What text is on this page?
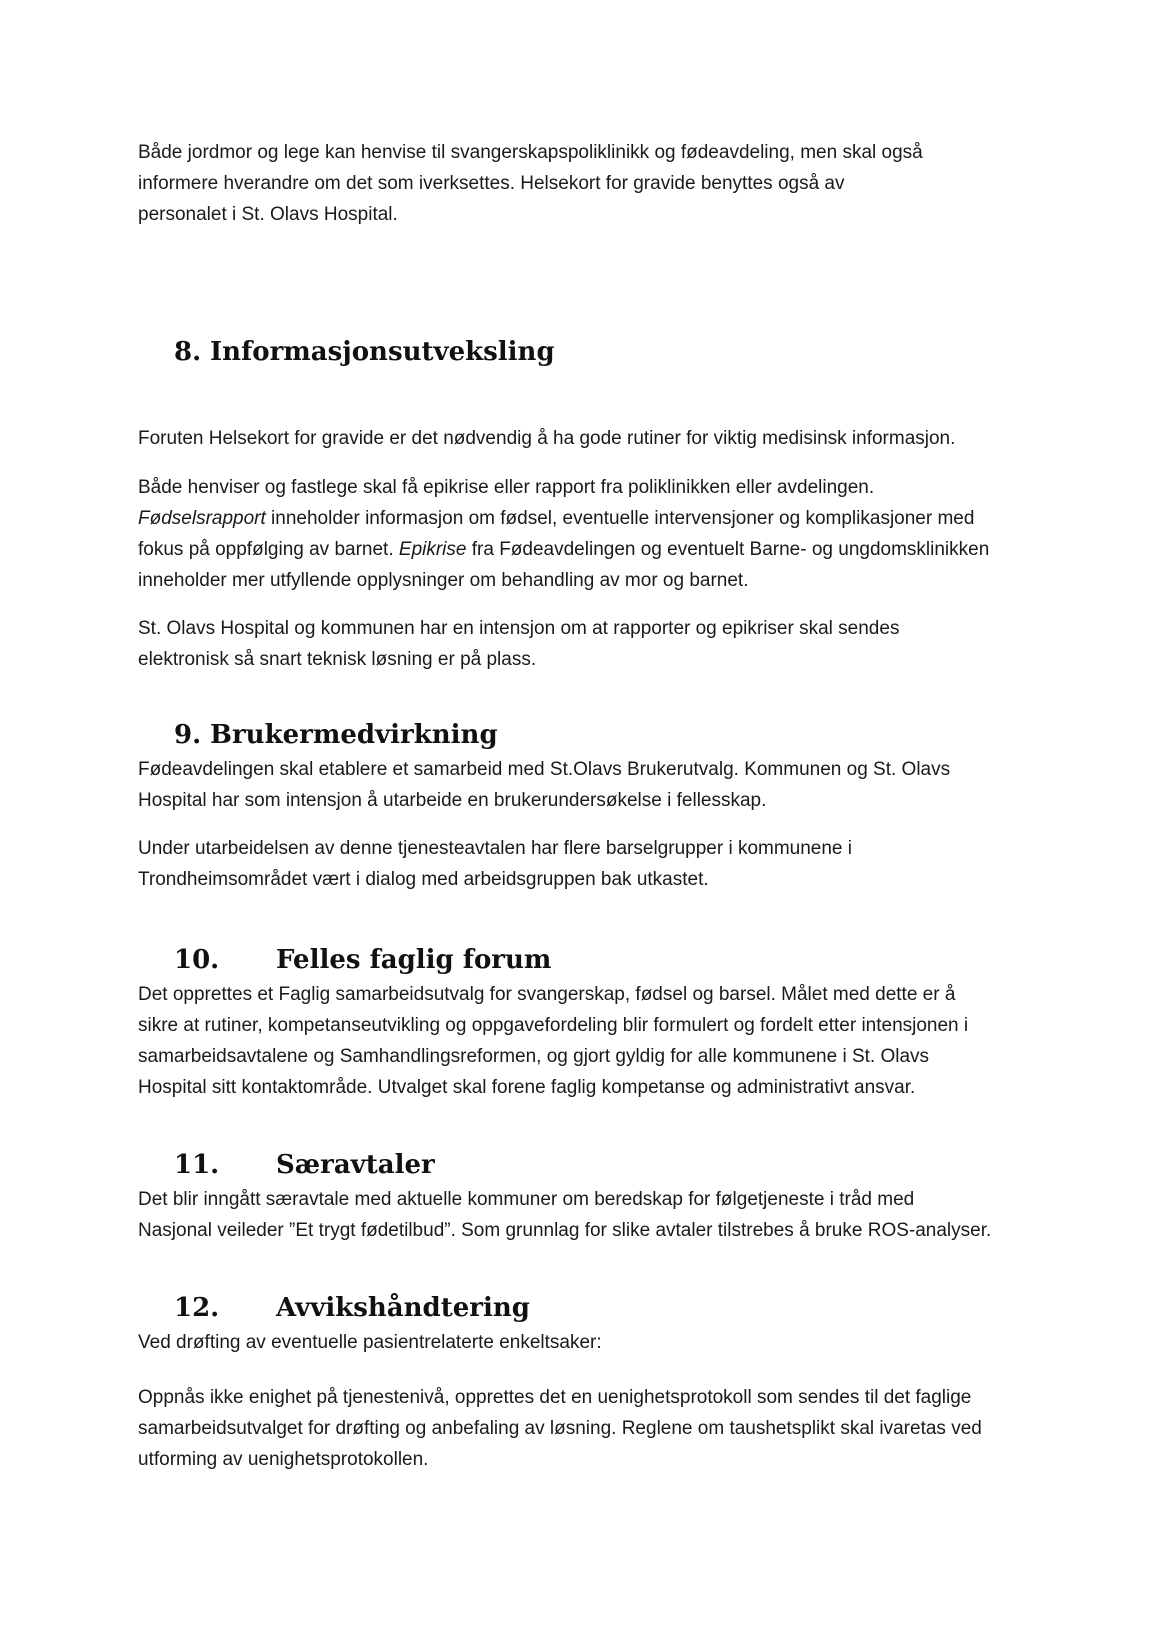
Både jordmor og lege kan henvise til svangerskapspoliklinikk og fødeavdeling, men skal også
informere hverandre om det som iverksettes. Helsekort for gravide benyttes også av
personalet i St. Olavs Hospital.

8. Informasjonsutveksling

Foruten Helsekort for gravide er det nødvendig å ha gode rutiner for viktig medisinsk informasjon.

Både henviser og fastlege skal få epikrise eller rapport fra poliklinikken eller avdelingen.
Fødselsrapport inneholder informasjon om fødsel, eventuelle intervensjoner og komplikasjoner med
fokus på oppfølging av barnet. Epikrise fra Fødeavdelingen og eventuelt Barne- og ungdomsklinikken
inneholder mer utfyllende opplysninger om behandling av mor og barnet.

St. Olavs Hospital og kommunen har en intensjon om at rapporter og epikriser skal sendes
elektronisk så snart teknisk løsning er på plass.

9. Brukermedvirkning

Fødeavdelingen skal etablere et samarbeid med St.Olavs Brukerutvalg. Kommunen og St. Olavs
Hospital har som intensjon å utarbeide en brukerundersøkelse i fellesskap.

Under utarbeidelsen av denne tjenesteavtalen har flere barselgrupper i kommunene i
Trondheimsområdet vært i dialog med arbeidsgruppen bak utkastet.

10. Felles faglig forum

Det opprettes et Faglig samarbeidsutvalg for svangerskap, fødsel og barsel. Målet med dette er å
sikre at rutiner, kompetanseutvikling og oppgavefordeling blir formulert og fordelt etter intensjonen i
samarbeidsavtalene og Samhandlingsreformen, og gjort gyldig for alle kommunene i St. Olavs
Hospital sitt kontaktområde. Utvalget skal forene faglig kompetanse og administrativt ansvar.

11. Særavtaler

Det blir inngått særavtale med aktuelle kommuner om beredskap for følgetjeneste i tråd med
Nasjonal veileder ”Et trygt fødetilbud”. Som grunnlag for slike avtaler tilstrebes å bruke ROS-analyser.

12. Avvikshåndtering

Ved drøfting av eventuelle pasientrelaterte enkeltsaker:

Oppnås ikke enighet på tjenestenivå, opprettes det en uenighetsprotokoll som sendes til det faglige
samarbeidsutvalget for drøfting og anbefaling av løsning. Reglene om taushetsplikt skal ivaretas ved
utforming av uenighetsprotokollen.
